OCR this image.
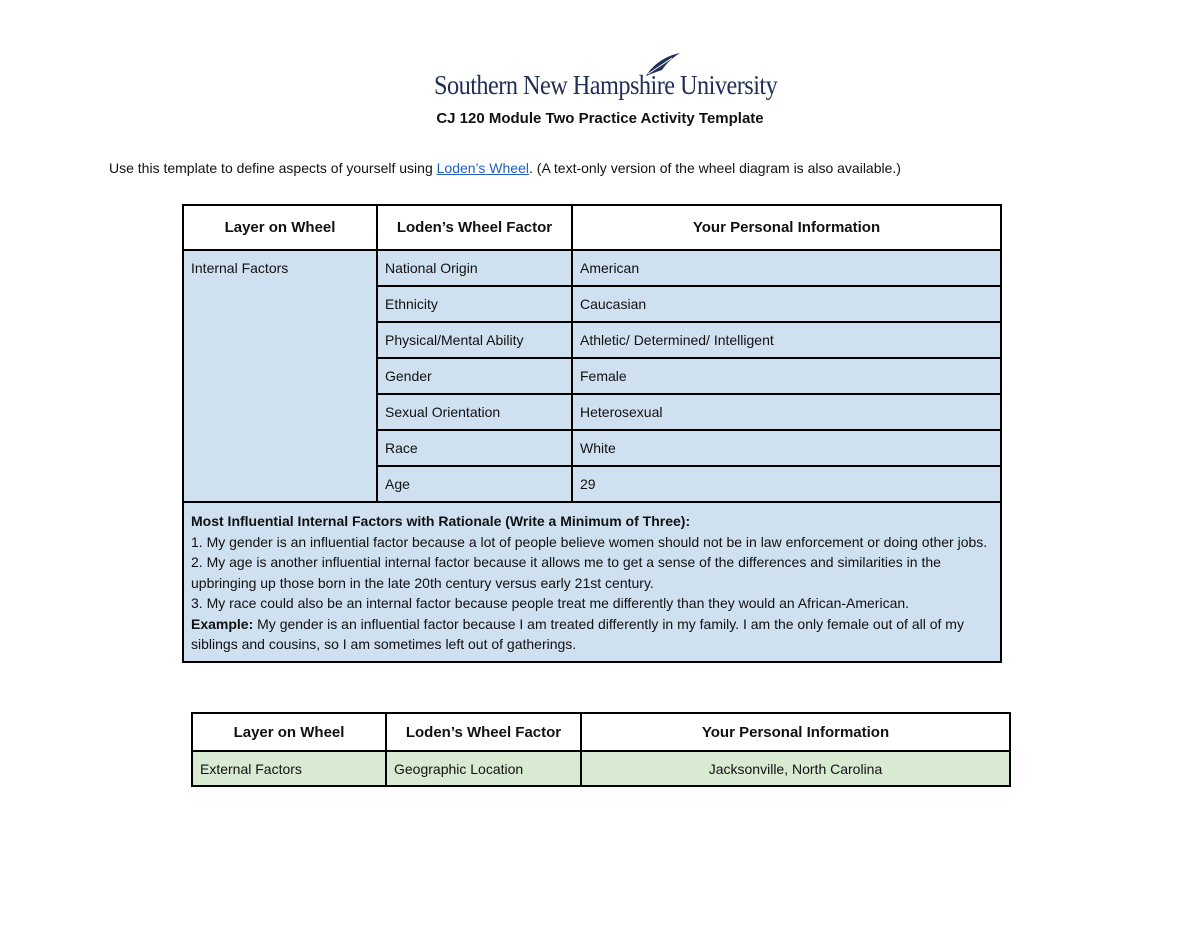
Southern New Hampshire University
CJ 120 Module Two Practice Activity Template
Use this template to define aspects of yourself using Loden’s Wheel. (A text-only version of the wheel diagram is also available.)
Layer on Wheel	Loden’s Wheel Factor	Your Personal Information
Internal Factors	National Origin	American
	Ethnicity	Caucasian
	Physical/Mental Ability	Athletic/ Determined/ Intelligent
	Gender	Female
	Sexual Orientation	Heterosexual
	Race	White
	Age	29

Most Influential Internal Factors with Rationale (Write a Minimum of Three):
1. My gender is an influential factor because a lot of people believe women should not be in law enforcement or doing other jobs.
2. My age is another influential internal factor because it allows me to get a sense of the differences and similarities in the upbringing up those born in the late 20th century versus early 21st century.
3. My race could also be an internal factor because people treat me differently than they would an African-American.
Example: My gender is an influential factor because I am treated differently in my family. I am the only female out of all of my siblings and cousins, so I am sometimes left out of gatherings.		
Layer on Wheel	Loden’s Wheel Factor	Your Personal Information
External Factors	Geographic Location	Jacksonville, North Carolina
